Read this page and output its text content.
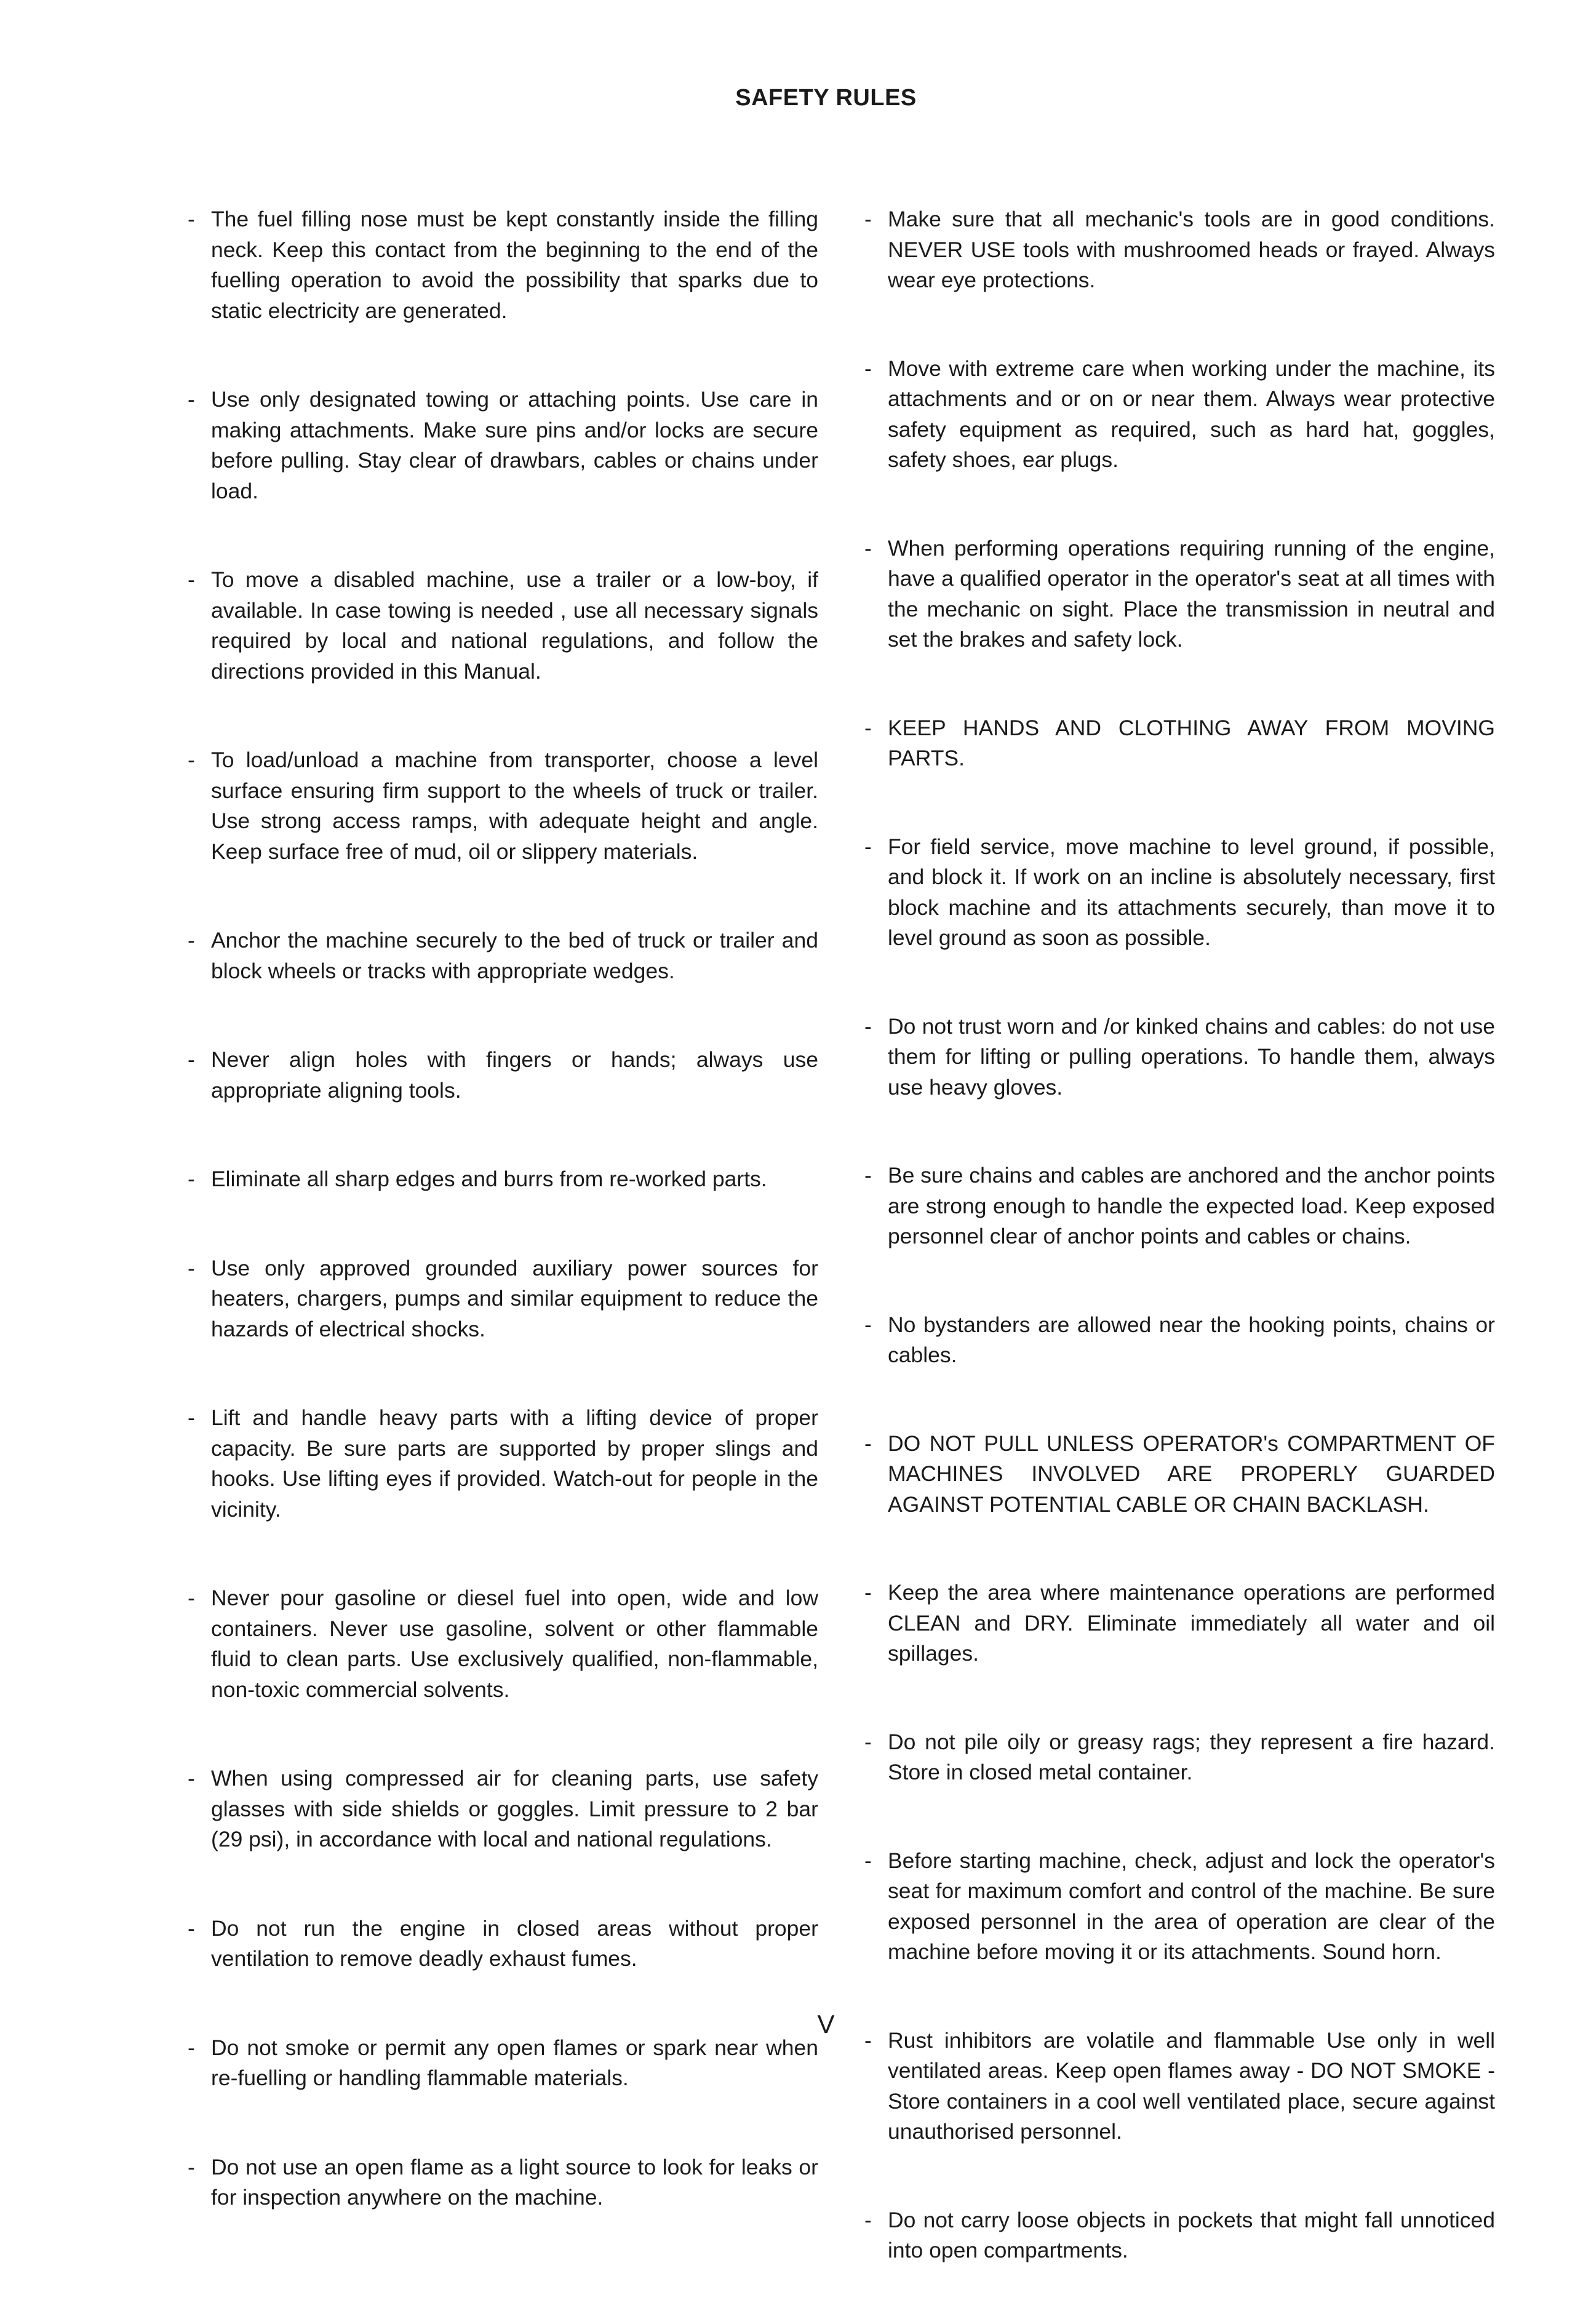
SAFETY RULES

- The fuel filling nose must be kept constantly inside the filling neck. Keep this contact from the beginning to the end of the fuelling operation to avoid the possibility that sparks due to static electricity are generated.

- Use only designated towing or attaching points. Use care in making attachments. Make sure pins and/or locks are secure before pulling. Stay clear of drawbars, cables or chains under load.

- To move a disabled machine, use a trailer or a low-boy, if available. In case towing is needed , use all necessary signals required by local and national regulations, and follow the directions provided in this Manual.

- To load/unload a machine from transporter, choose a level surface ensuring firm support to the wheels of truck or trailer. Use strong access ramps, with adequate height and angle. Keep surface free of mud, oil or slippery materials.

- Anchor the machine securely to the bed of truck or trailer and block wheels or tracks with appropriate wedges.

- Never align holes with fingers or hands; always use appropriate aligning tools.

- Eliminate all sharp edges and burrs from re-worked parts.

- Use only approved grounded auxiliary power sources for heaters, chargers, pumps and similar equipment to reduce the hazards of electrical shocks.

- Lift and handle heavy parts with a lifting device of proper capacity. Be sure parts are supported by proper slings and hooks. Use lifting eyes if provided. Watch-out for people in the vicinity.

- Never pour gasoline or diesel fuel into open, wide and low containers. Never use gasoline, solvent or other flammable fluid to clean parts. Use exclusively qualified, non-flammable, non-toxic commercial solvents.

- When using compressed air for cleaning parts, use safety glasses with side shields or goggles. Limit pressure to 2 bar (29 psi), in accordance with local and national regulations.

- Do not run the engine in closed areas without proper ventilation to remove deadly exhaust fumes.

- Do not smoke or permit any open flames or spark near when re-fuelling or handling flammable materials.

- Do not use an open flame as a light source to look for leaks or for inspection anywhere on the machine.

- Make sure that all mechanic's tools are in good conditions. NEVER USE tools with mushroomed heads or frayed. Always wear eye protections.

- Move with extreme care when working under the machine, its attachments and or on or near them. Always wear protective safety equipment as required, such as hard hat, goggles, safety shoes, ear plugs.

- When performing operations requiring running of the engine, have a qualified operator in the operator's seat at all times with the mechanic on sight. Place the transmission in neutral and set the brakes and safety lock.

- KEEP HANDS AND CLOTHING AWAY FROM MOVING PARTS.

- For field service, move machine to level ground, if possible, and block it. If work on an incline is absolutely necessary, first block machine and its attachments securely, than move it to level ground as soon as possible.

- Do not trust worn and /or kinked chains and cables: do not use them for lifting or pulling operations. To handle them, always use heavy gloves.

- Be sure chains and cables are anchored and the anchor points are strong enough to handle the expected load. Keep exposed personnel clear of anchor points and cables or chains.

- No bystanders are allowed near the hooking points, chains or cables.

- DO NOT PULL UNLESS OPERATOR's COMPARTMENT OF MACHINES INVOLVED ARE PROPERLY GUARDED AGAINST POTENTIAL CABLE OR CHAIN BACKLASH.

- Keep the area where maintenance operations are performed CLEAN and DRY. Eliminate immediately all water and oil spillages.

- Do not pile oily or greasy rags; they represent a fire hazard. Store in closed metal container.

- Before starting machine, check, adjust and lock the operator's seat for maximum comfort and control of the machine. Be sure exposed personnel in the area of operation are clear of the machine before moving it or its attachments. Sound horn.

- Rust inhibitors are volatile and flammable Use only in well ventilated areas. Keep open flames away - DO NOT SMOKE - Store containers in a cool well ventilated place, secure against unauthorised personnel.

- Do not carry loose objects in pockets that might fall unnoticed into open compartments.

V
